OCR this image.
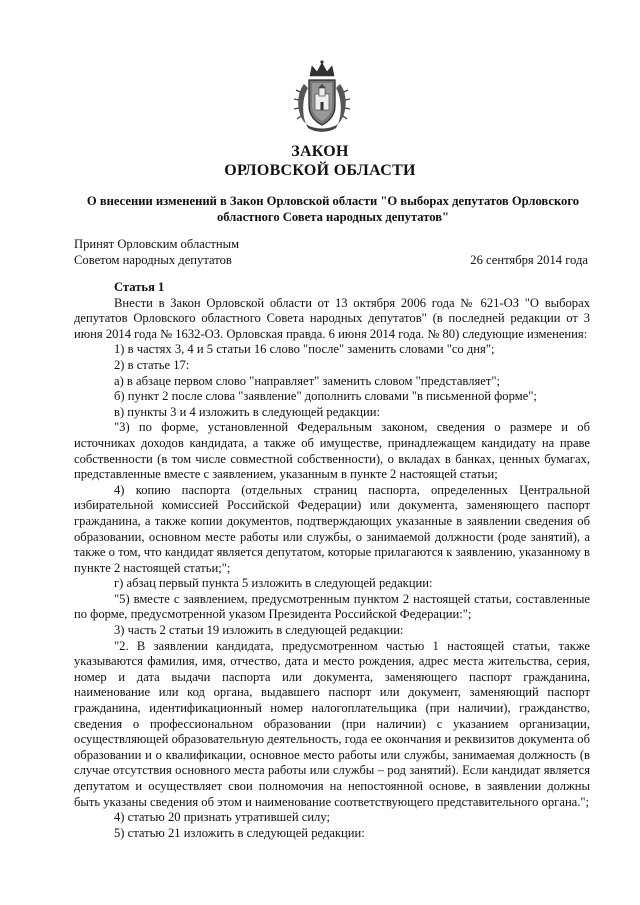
ЗАКОН
ОРЛОВСКОЙ ОБЛАСТИ
О внесении изменений в Закон Орловской области "О выборах депутатов Орловского областного Совета народных депутатов"
Принят Орловским областным
Советом народных депутатов	26 сентября 2014 года

Статья 1

Внести в Закон Орловской области от 13 октября 2006 года № 621-ОЗ "О выборах депутатов Орловского областного Совета народных депутатов" (в последней редакции от 3 июня 2014 года № 1632-ОЗ. Орловская правда. 6 июня 2014 года. № 80) следующие изменения:

1) в частях 3, 4 и 5 статьи 16 слово "после" заменить словами "со дня";

2) в статье 17:

а) в абзаце первом слово "направляет" заменить словом "представляет";

б) пункт 2 после слова "заявление" дополнить словами "в письменной форме";

в) пункты 3 и 4 изложить в следующей редакции:

"3) по форме, установленной Федеральным законом, сведения о размере и об источниках доходов кандидата, а также об имуществе, принадлежащем кандидату на праве собственности (в том числе совместной собственности), о вкладах в банках, ценных бумагах, представленные вместе с заявлением, указанным в пункте 2 настоящей статьи;

4) копию паспорта (отдельных страниц паспорта, определенных Центральной избирательной комиссией Российской Федерации) или документа, заменяющего паспорт гражданина, а также копии документов, подтверждающих указанные в заявлении сведения об образовании, основном месте работы или службы, о занимаемой должности (роде занятий), а также о том, что кандидат является депутатом, которые прилагаются к заявлению, указанному в пункте 2 настоящей статьи;";

г) абзац первый пункта 5 изложить в следующей редакции:

"5) вместе с заявлением, предусмотренным пунктом 2 настоящей статьи, составленные по форме, предусмотренной указом Президента Российской Федерации:";

3) часть 2 статьи 19 изложить в следующей редакции:

"2. В заявлении кандидата, предусмотренном частью 1 настоящей статьи, также указываются фамилия, имя, отчество, дата и место рождения, адрес места жительства, серия, номер и дата выдачи паспорта или документа, заменяющего паспорт гражданина, наименование или код органа, выдавшего паспорт или документ, заменяющий паспорт гражданина, идентификационный номер налогоплательщика (при наличии), гражданство, сведения о профессиональном образовании (при наличии) с указанием организации, осуществляющей образовательную деятельность, года ее окончания и реквизитов документа об образовании и о квалификации, основное место работы или службы, занимаемая должность (в случае отсутствия основного места работы или службы – род занятий). Если кандидат является депутатом и осуществляет свои полномочия на непостоянной основе, в заявлении должны быть указаны сведения об этом и наименование соответствующего представительного органа.";

4) статью 20 признать утратившей силу;

5) статью 21 изложить в следующей редакции:
